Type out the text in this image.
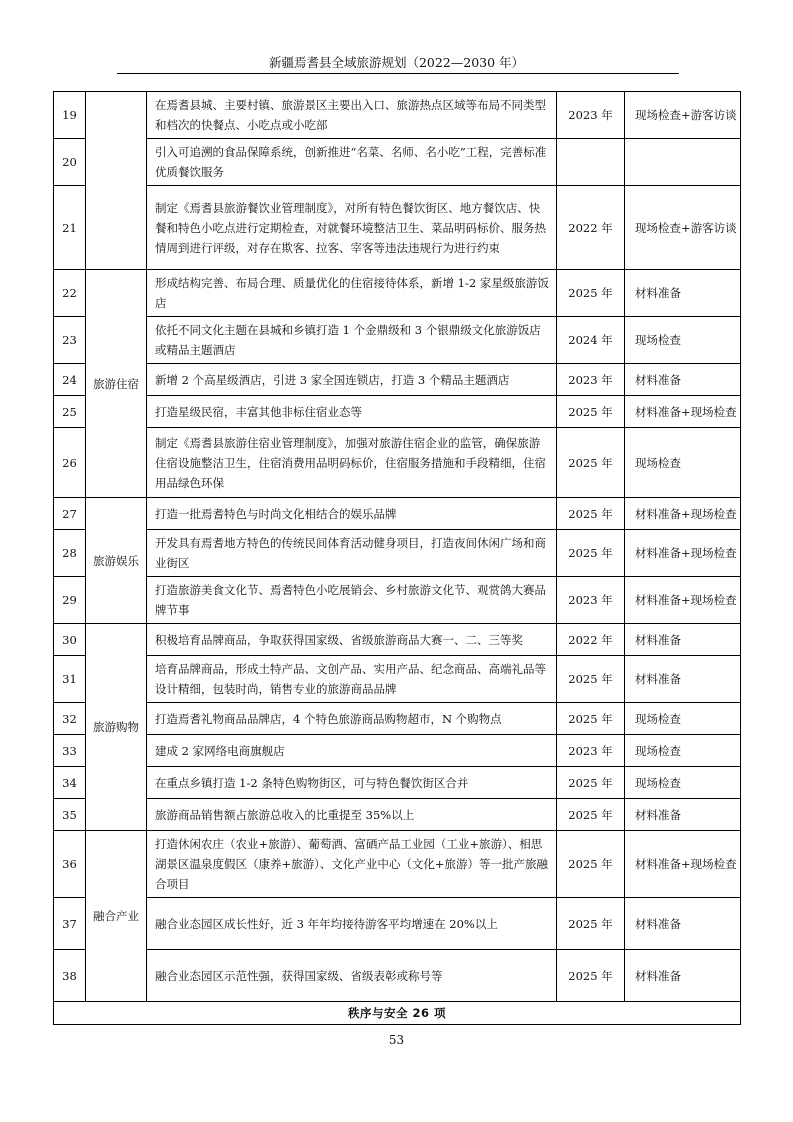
新疆焉耆县全域旅游规划（2022—2030 年）
19		在焉耆县城、主要村镇、旅游景区主要出入口、旅游热点区域等布局不同类型和档次的快餐点、小吃点或小吃部	2023 年	现场检查+游客访谈
20		引入可追溯的食品保障系统，创新推进“名菜、名师、名小吃”工程，完善标准优质餐饮服务		
21		制定《焉耆县旅游餐饮业管理制度》，对所有特色餐饮街区、地方餐饮店、快餐和特色小吃点进行定期检查，对就餐环境整洁卫生、菜品明码标价、服务热情周到进行评级，对存在欺客、拉客、宰客等违法违规行为进行约束	2022 年	现场检查+游客访谈
22	旅游住宿	形成结构完善、布局合理、质量优化的住宿接待体系，新增 1-2 家星级旅游饭店	2025 年	材料准备
23		依托不同文化主题在县城和乡镇打造 1 个金鼎级和 3 个银鼎级文化旅游饭店或精品主题酒店	2024 年	现场检查
24		新增 2 个高星级酒店，引进 3 家全国连锁店，打造 3 个精品主题酒店	2023 年	材料准备
25		打造星级民宿，丰富其他非标住宿业态等	2025 年	材料准备+现场检查
26		制定《焉耆县旅游住宿业管理制度》，加强对旅游住宿企业的监管，确保旅游住宿设施整洁卫生，住宿消费用品明码标价，住宿服务措施和手段精细，住宿用品绿色环保	2025 年	现场检查
27	旅游娱乐	打造一批焉耆特色与时尚文化相结合的娱乐品牌	2025 年	材料准备+现场检查
28		开发具有焉耆地方特色的传统民间体育活动健身项目，打造夜间休闲广场和商业街区	2025 年	材料准备+现场检查
29		打造旅游美食文化节、焉耆特色小吃展销会、乡村旅游文化节、观赏鸽大赛品牌节事	2023 年	材料准备+现场检查
30	旅游购物	积极培育品牌商品，争取获得国家级、省级旅游商品大赛一、二、三等奖	2022 年	材料准备
31		培育品牌商品，形成土特产品、文创产品、实用产品、纪念商品、高端礼品等设计精细，包装时尚，销售专业的旅游商品品牌	2025 年	材料准备
32		打造焉耆礼物商品品牌店，4 个特色旅游商品购物超市，N 个购物点	2025 年	现场检查
33		建成 2 家网络电商旗舰店	2023 年	现场检查
34		在重点乡镇打造 1-2 条特色购物街区，可与特色餐饮街区合并	2025 年	现场检查
35		旅游商品销售额占旅游总收入的比重提至 35%以上	2025 年	材料准备
36	融合产业	打造休闲农庄（农业+旅游）、葡萄酒、富硒产品工业园（工业+旅游）、相思湖景区温泉度假区（康养+旅游）、文化产业中心（文化+旅游）等一批产旅融合项目	2025 年	材料准备+现场检查
37		融合业态园区成长性好，近 3 年年均接待游客平均增速在 20%以上	2025 年	材料准备
38		融合业态园区示范性强，获得国家级、省级表彰或称号等	2025 年	材料准备
秩序与安全 26 项				
53
